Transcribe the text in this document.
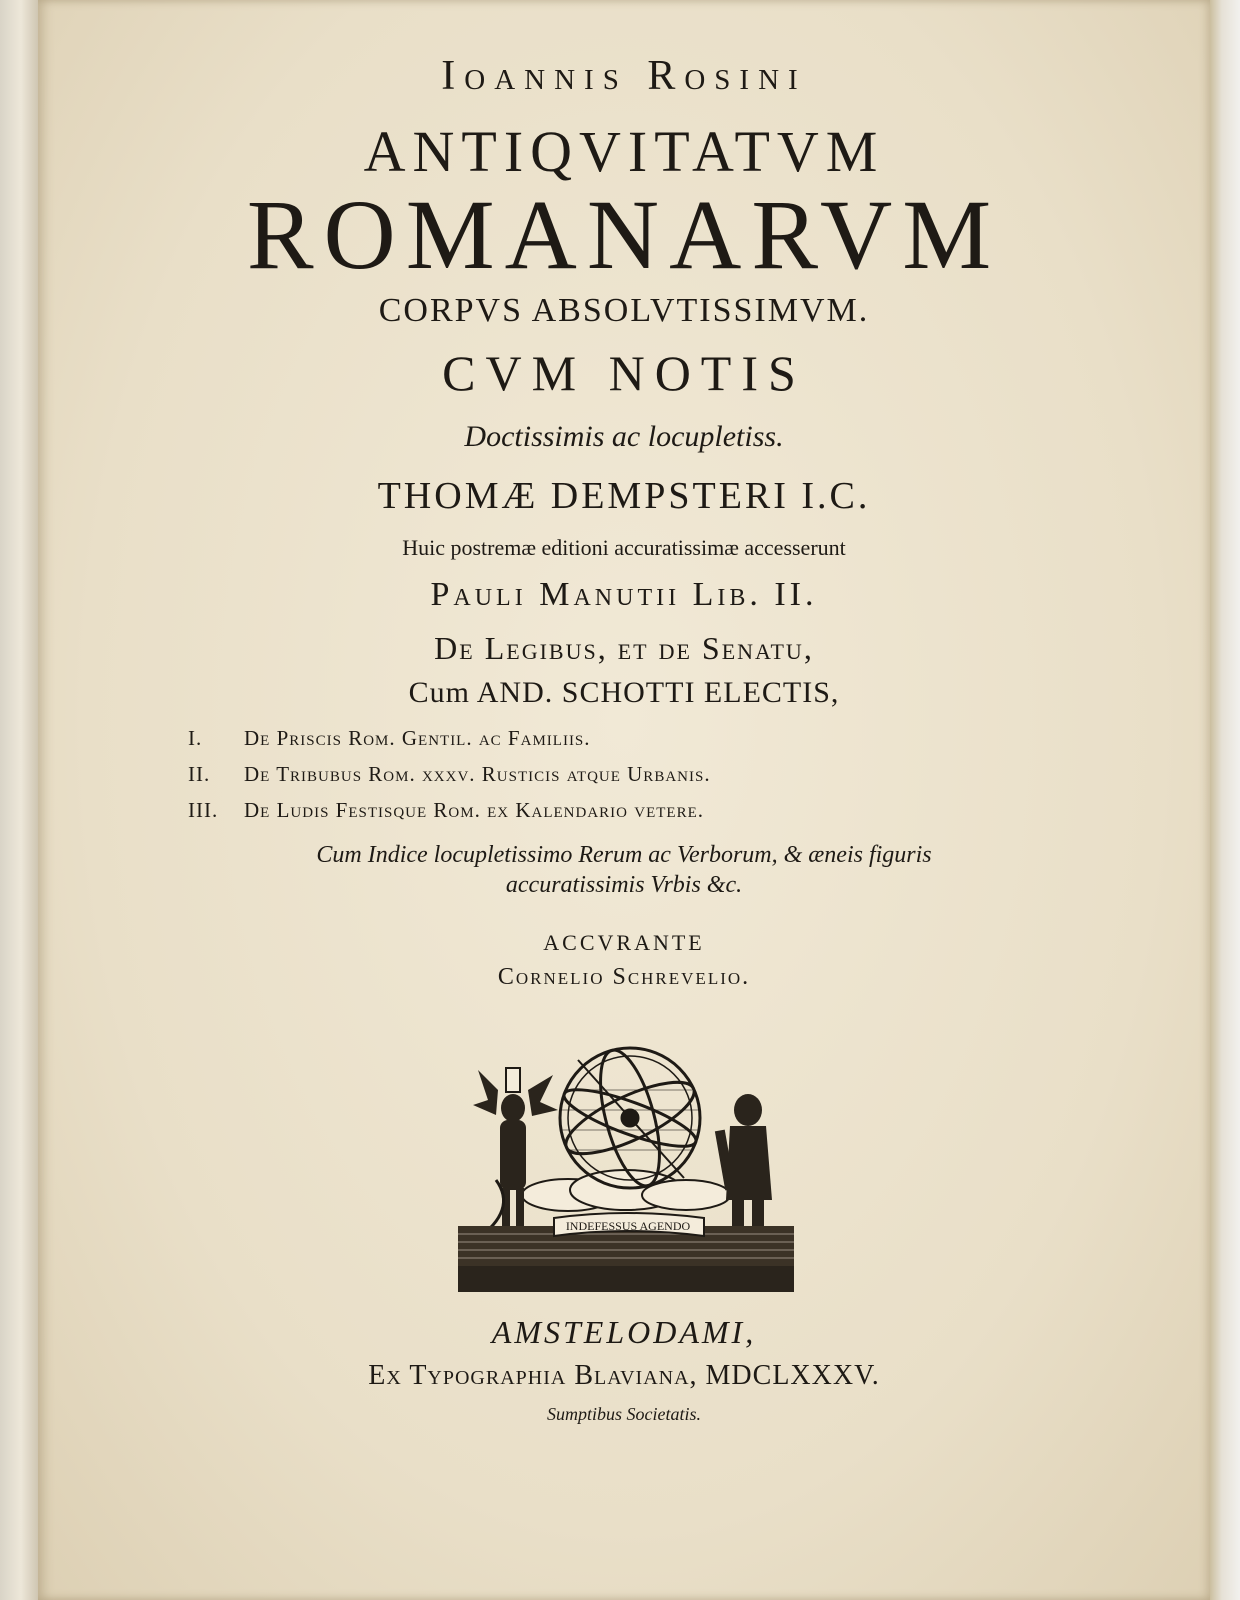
Ioannis Rosini
ANTIQVITATVM
ROMANARVM
CORPVS ABSOLVTISSIMVM.
CVM NOTIS
Doctissimis ac locupletiss.
THOMÆ DEMPSTERI I.C.
Huic postremæ editioni accuratissimæ accesserunt
Pauli Manutii Lib. II.
De Legibus, et de Senatu,
Cum AND. SCHOTTI ELECTIS,
I. De Priscis Rom. Gentil. ac Familiis.
II. De Tribubus Rom. xxxv. Rusticis atque Urbanis.
III. De Ludis Festisque Rom. ex Kalendario vetere.
Cum Indice locupletissimo Rerum ac Verborum, & æneis figuris
accuratissimis Vrbis &c.
ACCVRANTE
Cornelio Schrevelio.
INDEFESSUS AGENDO
AMSTELODAMI,
Ex Typographia Blaviana, MDCLXXXV.
Sumptibus Societatis.
